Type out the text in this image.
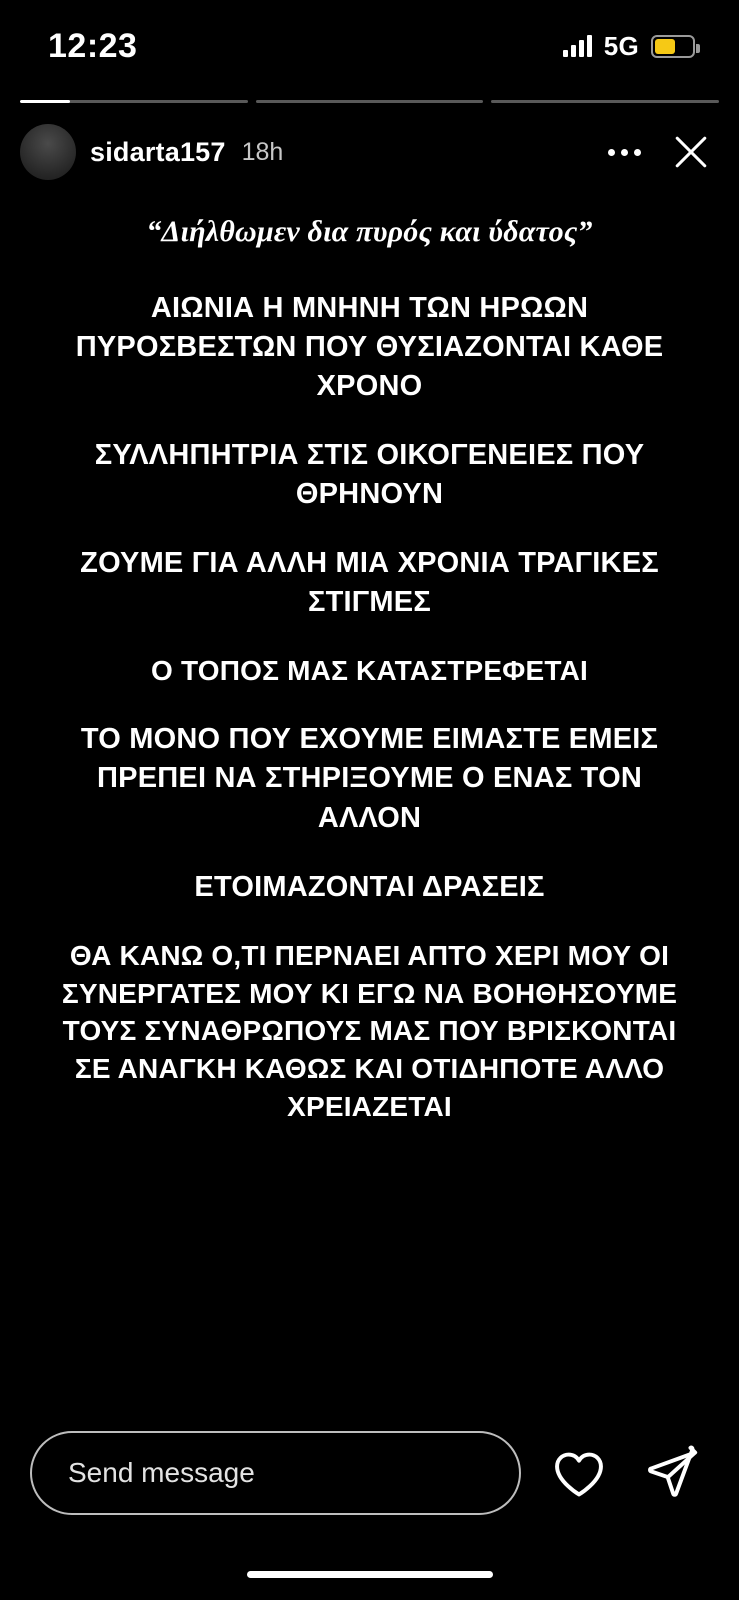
12:23	5G
sidarta157 18h
“Διήλθωμεν δια πυρός και ύδατος”
ΑΙΩΝΙΑ Η ΜΝΗΝΗ ΤΩΝ ΗΡΩΩΝ ΠΥΡΟΣΒΕΣΤΩΝ ΠΟΥ ΘΥΣΙΑΖΟΝΤΑΙ ΚΑΘΕ ΧΡΟΝΟ
ΣΥΛΛΗΠΗΤΡΙΑ ΣΤΙΣ ΟΙΚΟΓΕΝΕΙΕΣ ΠΟΥ ΘΡΗΝΟΥΝ
ΖΟΥΜΕ ΓΙΑ ΑΛΛΗ ΜΙΑ ΧΡΟΝΙΑ ΤΡΑΓΙΚΕΣ ΣΤΙΓΜΕΣ
Ο ΤΟΠΟΣ ΜΑΣ ΚΑΤΑΣΤΡΕΦΕΤΑΙ
ΤΟ ΜΟΝΟ ΠΟΥ ΕΧΟΥΜΕ ΕΙΜΑΣΤΕ ΕΜΕΙΣ ΠΡΕΠΕΙ ΝΑ ΣΤΗΡΙΞΟΥΜΕ Ο ΕΝΑΣ ΤΟΝ ΑΛΛΟΝ
ΕΤΟΙΜΑΖΟΝΤΑΙ ΔΡΑΣΕΙΣ
ΘΑ ΚΑΝΩ Ο,ΤΙ ΠΕΡΝΑΕΙ ΑΠΤΟ ΧΕΡΙ ΜΟΥ ΟΙ ΣΥΝΕΡΓΑΤΕΣ ΜΟΥ ΚΙ ΕΓΩ ΝΑ ΒΟΗΘΗΣΟΥΜΕ ΤΟΥΣ ΣΥΝΑΘΡΩΠΟΥΣ ΜΑΣ ΠΟΥ ΒΡΙΣΚΟΝΤΑΙ ΣΕ ΑΝΑΓΚΗ ΚΑΘΩΣ ΚΑΙ ΟΤΙΔΗΠΟΤΕ ΑΛΛΟ ΧΡΕΙΑΖΕΤΑΙ
Send message
